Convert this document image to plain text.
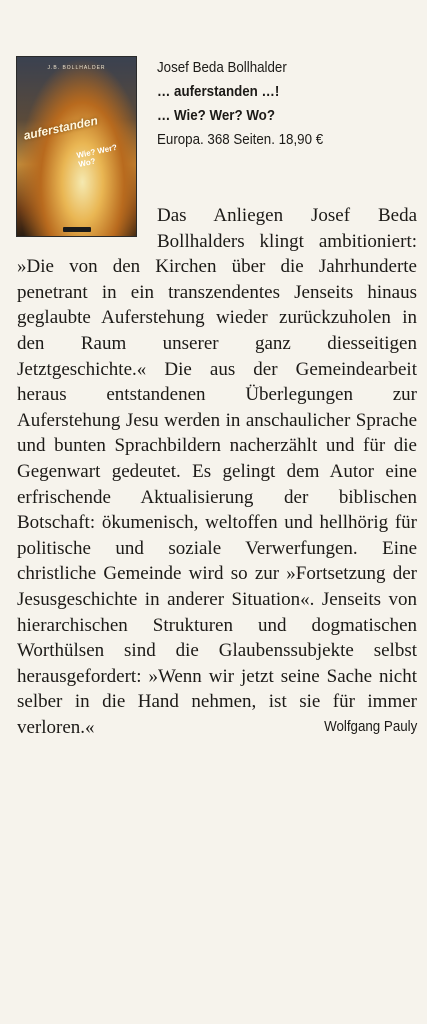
J.B. BOLLHALDER
auferstanden
Wie? Wer? Wo?
Josef Beda Bollhalder
… auferstanden …!
… Wie? Wer? Wo?
Europa. 368 Seiten. 18,90 €
Das Anliegen Josef Beda Bollhalders klingt ambitioniert: »Die von den Kirchen über die Jahrhunderte penetrant in ein transzendentes Jenseits hinaus geglaubte Auferstehung wieder zurückzuholen in den Raum unserer ganz diesseitigen Jetztgeschichte.« Die aus der Gemeindearbeit heraus entstandenen Überlegungen zur Auferstehung Jesu werden in anschaulicher Sprache und bunten Sprachbildern nacherzählt und für die Gegenwart gedeutet. Es gelingt dem Autor eine erfrischende Aktualisierung der biblischen Botschaft: ökumenisch, weltoffen und hellhörig für politische und soziale Verwerfungen. Eine christliche Gemeinde wird so zur »Fortsetzung der Jesusgeschichte in anderer Situation«. Jenseits von hierarchischen Strukturen und dogmatischen Worthülsen sind die Glaubenssubjekte selbst herausgefordert: »Wenn wir jetzt seine Sache nicht selber in die Hand nehmen, ist sie für immer verloren.«	Wolfgang Pauly
